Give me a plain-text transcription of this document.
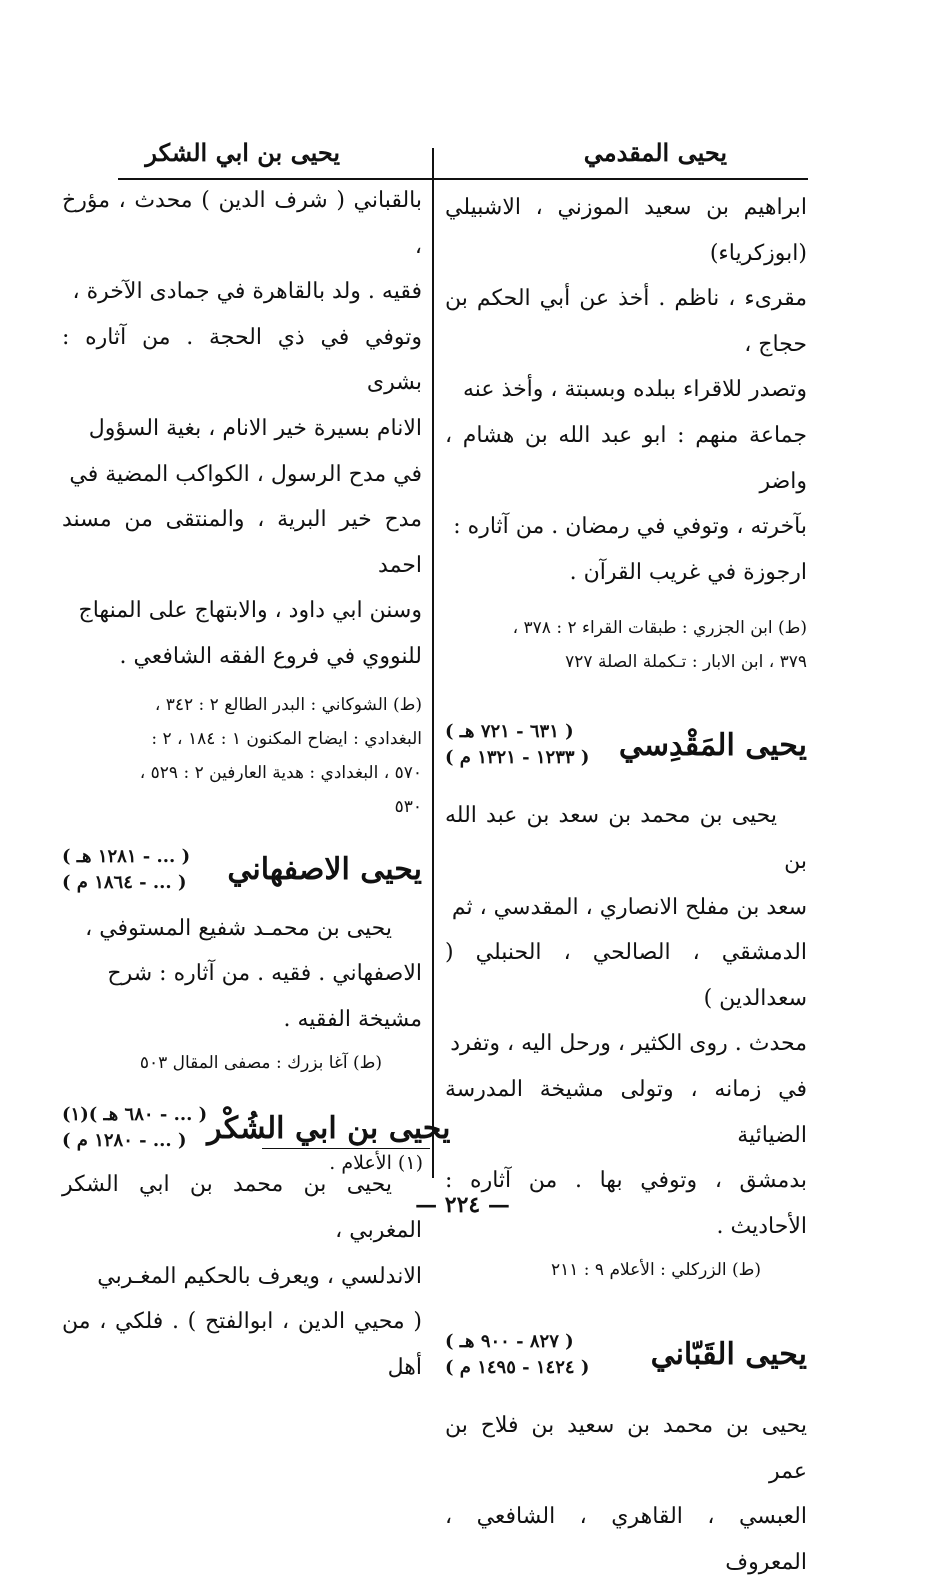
يحيى المقدمي
يحيى بن ابي الشكر

ابراهيم بن سعيد الموزني ، الاشبيلي (ابوزكرياء)

مقرىء ، ناظم . أخذ عن أبي الحكم بن حجاج ،

وتصدر للاقراء ببلده وبسبتة ، وأخذ عنه

جماعة منهم : ابو عبد الله بن هشام ، واضر

بآخرته ، وتوفي في رمضان . من آثاره :

ارجوزة في غريب القرآن .

(ط) ابن الجزري : طبقات القراء ٢ : ٣٧٨ ،

٣٧٩ ، ابن الابار : تـكملة الصلة ٧٢٧

( ٦٣١ - ٧٢١ هـ )
( ١٢٣٣ - ١٣٢١ م ) يحيى المَقْدِسي

يحيى بن محمد بن سعد بن عبد الله بن

سعد بن مفلح الانصاري ، المقدسي ، ثم

الدمشقي ، الصالحي ، الحنبلي ( سعدالدين )

محدث . روى الكثير ، ورحل اليه ، وتفرد

في زمانه ، وتولى مشيخة المدرسة الضيائية

بدمشق ، وتوفي بها . من آثاره : الأحاديث .

(ط) الزركلي : الأعلام ٩ : ٢١١

( ٨٢٧ - ٩٠٠ هـ )
( ١٤٢٤ - ١٤٩٥ م ) يحيى القَبّاني

يحيى بن محمد بن سعيد بن فلاح بن عمر

العبسي ، القاهري ، الشافعي ، المعروف

بالقباني ( شرف الدين ) محدث ، مؤرخ ،

فقيه . ولد بالقاهرة في جمادى الآخرة ،

وتوفي في ذي الحجة . من آثاره : بشرى

الانام بسيرة خير الانام ، بغية السؤول

في مدح الرسول ، الكواكب المضية في

مدح خير البرية ، والمنتقى من مسند احمد

وسنن ابي داود ، والابتهاج على المنهاج

للنووي في فروع الفقه الشافعي .

(ط) الشوكاني : البدر الطالع ٢ : ٣٤٢ ،

البغدادي : ايضاح المكنون ١ : ١٨٤ ، ٢ :

٥٧٠ ، البغدادي : هدية العارفين ٢ : ٥٢٩ ،

٥٣٠

( ... - ١٢٨١ هـ )
( ... - ١٨٦٤ م ) يحيى الاصفهاني

يحيى بن محمـد شفيع المستوفي ،

الاصفهاني . فقيه . من آثاره : شرح

مشيخة الفقيه .

(ط) آغا بزرك : مصفى المقال ٥٠٣

( ... - ٦٨٠ هـ )(١)
( ... - ١٢٨٠ م ) يحيى بن ابي الشُكْر

يحيى بن محمد بن ابي الشكر المغربي ،

الاندلسي ، ويعرف بالحكيم المغـربي

( محيي الدين ، ابوالفتح ) . فلكي ، من أهل

(١) الأعلام .
— ٢٢٤ —
